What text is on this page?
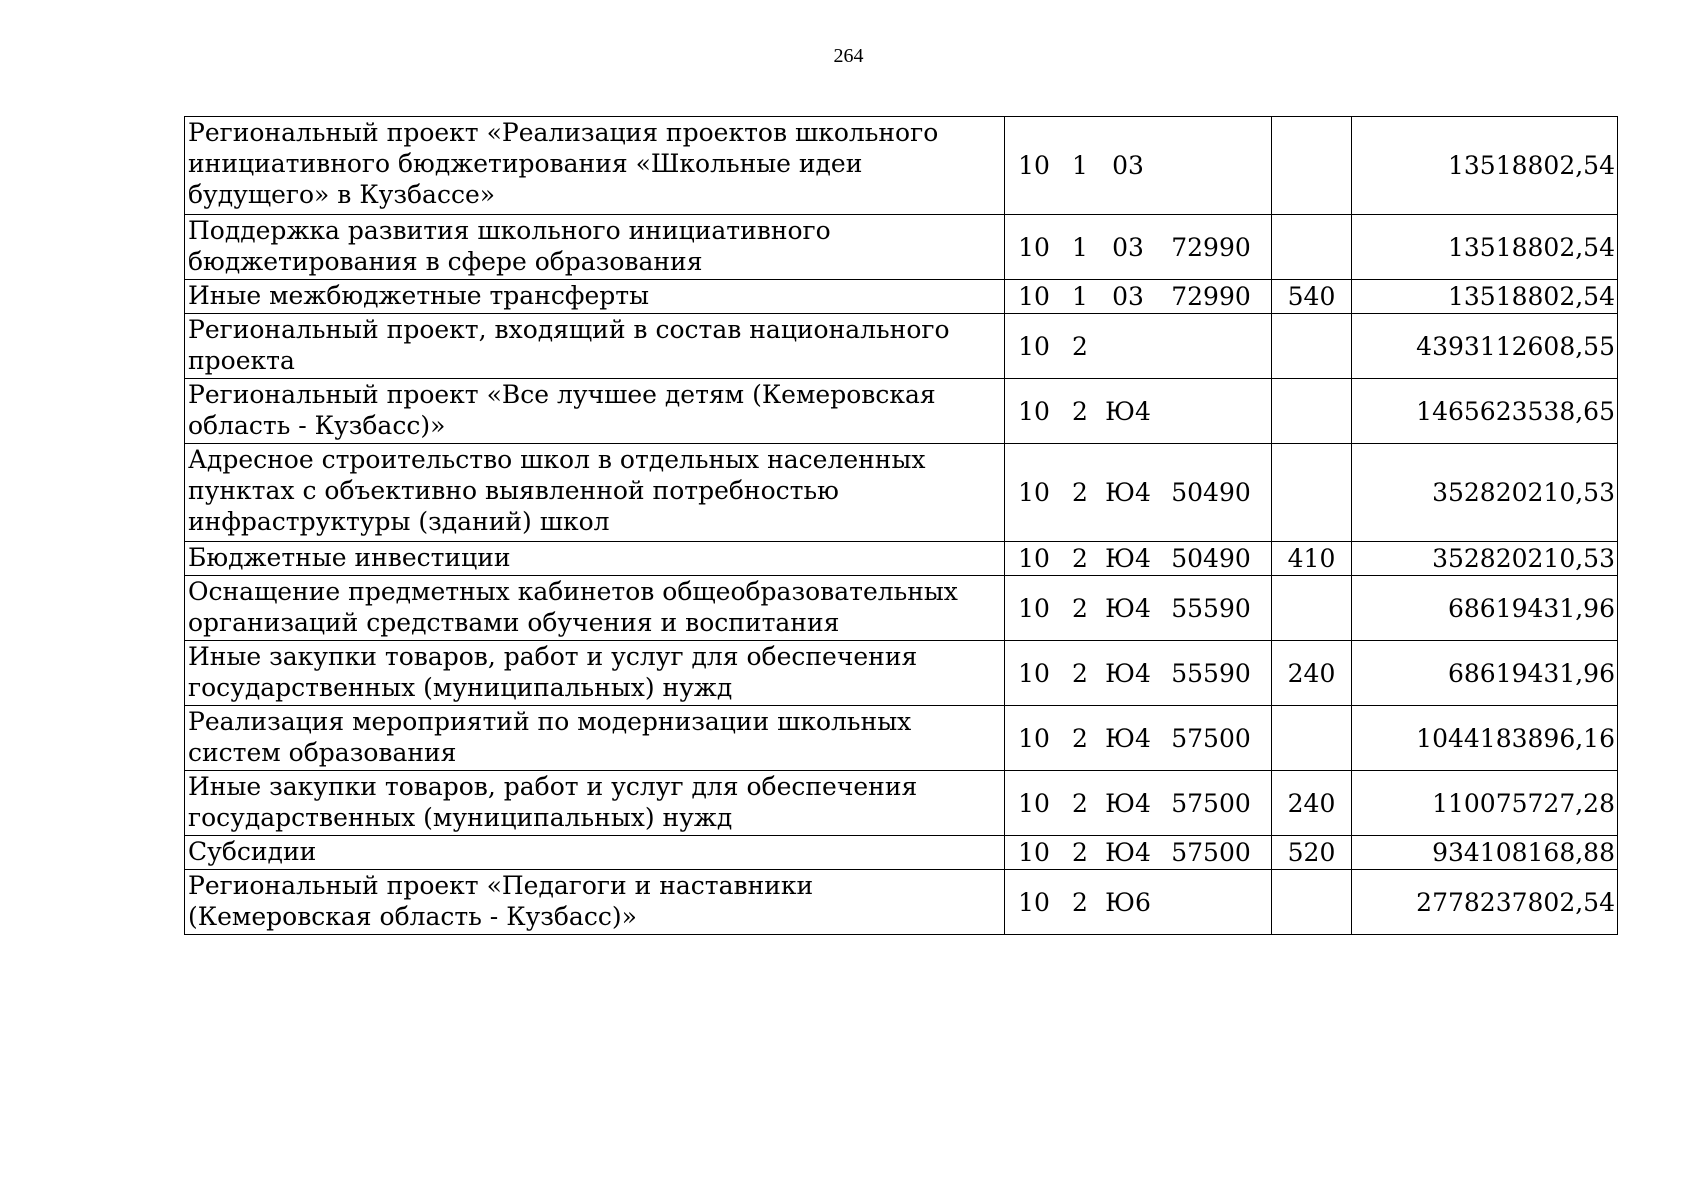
264
Региональный проект «Реализация проектов школьного инициативного бюджетирования «Школьные идеи будущего» в Кузбассе»	10 1 03		13518802,54
Поддержка развития школьного инициативного бюджетирования в сфере образования	10 1 03 72990		13518802,54
Иные межбюджетные трансферты	10 1 03 72990	540	13518802,54
Региональный проект, входящий в состав национального проекта	10 2		4393112608,55
Региональный проект «Все лучшее детям (Кемеровская область - Кузбасс)»	10 2 Ю4		1465623538,65
Адресное строительство школ в отдельных населенных пунктах с объективно выявленной потребностью инфраструктуры (зданий) школ	10 2 Ю4 50490		352820210,53
Бюджетные инвестиции	10 2 Ю4 50490	410	352820210,53
Оснащение предметных кабинетов общеобразовательных организаций средствами обучения и воспитания	10 2 Ю4 55590		68619431,96
Иные закупки товаров, работ и услуг для обеспечения государственных (муниципальных) нужд	10 2 Ю4 55590	240	68619431,96
Реализация мероприятий по модернизации школьных систем образования	10 2 Ю4 57500		1044183896,16
Иные закупки товаров, работ и услуг для обеспечения государственных (муниципальных) нужд	10 2 Ю4 57500	240	110075727,28
Субсидии	10 2 Ю4 57500	520	934108168,88
Региональный проект «Педагоги и наставники (Кемеровская область - Кузбасс)»	10 2 Ю6		2778237802,54
